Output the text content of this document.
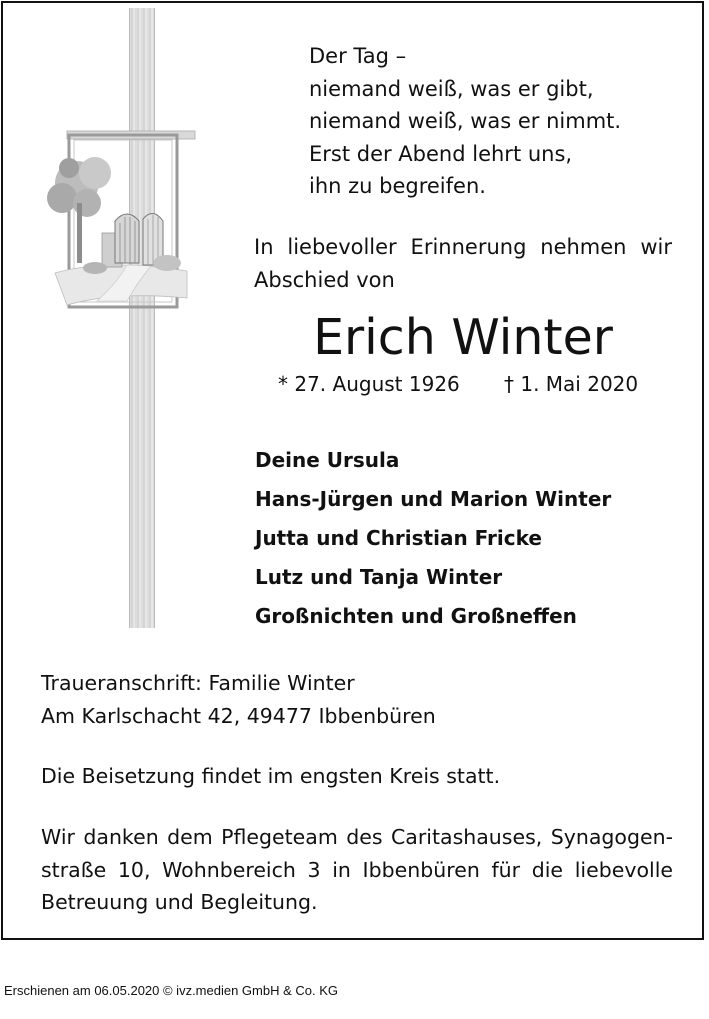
Der Tag –
niemand weiß, was er gibt,
niemand weiß, was er nimmt.
Erst der Abend lehrt uns,
ihn zu begreifen.
In liebevoller Erinnerung nehmen wir Abschied von
Erich Winter
* 27. August 1926 † 1. Mai 2020
Deine Ursula
Hans-Jürgen und Marion Winter
Jutta und Christian Fricke
Lutz und Tanja Winter
Großnichten und Großneffen
Traueranschrift: Familie Winter
Am Karlschacht 42, 49477 Ibbenbüren
Die Beisetzung findet im engsten Kreis statt.
Wir danken dem Pflegeteam des Caritashauses, Synagogenstraße 10, Wohnbereich 3 in Ibbenbüren für die liebevolle Betreuung und Begleitung.
Erschienen am 06.05.2020 © ivz.medien GmbH & Co. KG
